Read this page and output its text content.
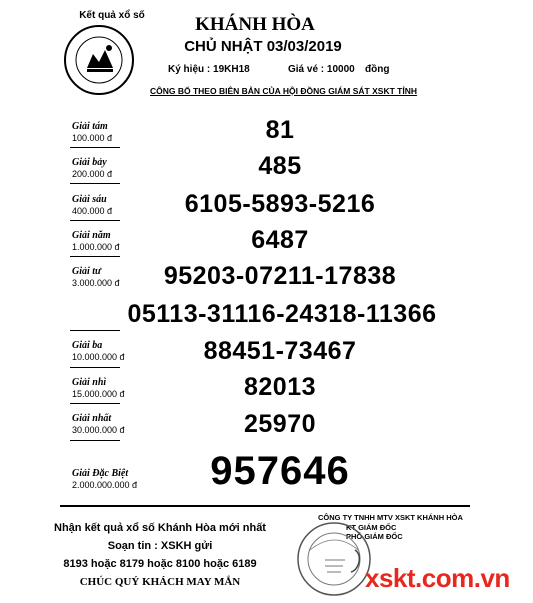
Kết quả xổ số	KHÁNH HÒA
CHỦ NHẬT 03/03/2019
Ký hiệu : 19KH18	Giá vé : 10000 đồng
CÔNG BỐ THEO BIÊN BẢN CỦA HỘI ĐỒNG GIÁM SÁT XSKT TỈNH
Giải tám
100.000 đ	81
Giải bảy
200.000 đ	485
Giải sáu
400.000 đ	6105-5893-5216
Giải năm
1.000.000 đ	6487
Giải tư
3.000.000 đ	95203-07211-17838
05113-31116-24318-11366
Giải ba
10.000.000 đ	88451-73467
Giải nhì
15.000.000 đ	82013
Giải nhất
30.000.000 đ	25970
Giải Đặc Biệt
2.000.000.000 đ	957646
Nhận kết quả xổ số Khánh Hòa mới nhất
Soạn tin : XSKH gửi
8193 hoặc 8179 hoặc 8100 hoặc 6189
CHÚC QUÝ KHÁCH MAY MẮN
CÔNG TY TNHH MTV XSKT KHÁNH HÒA
KT GIÁM ĐỐC
PHÓ GIÁM ĐỐC
xskt.com.vn
